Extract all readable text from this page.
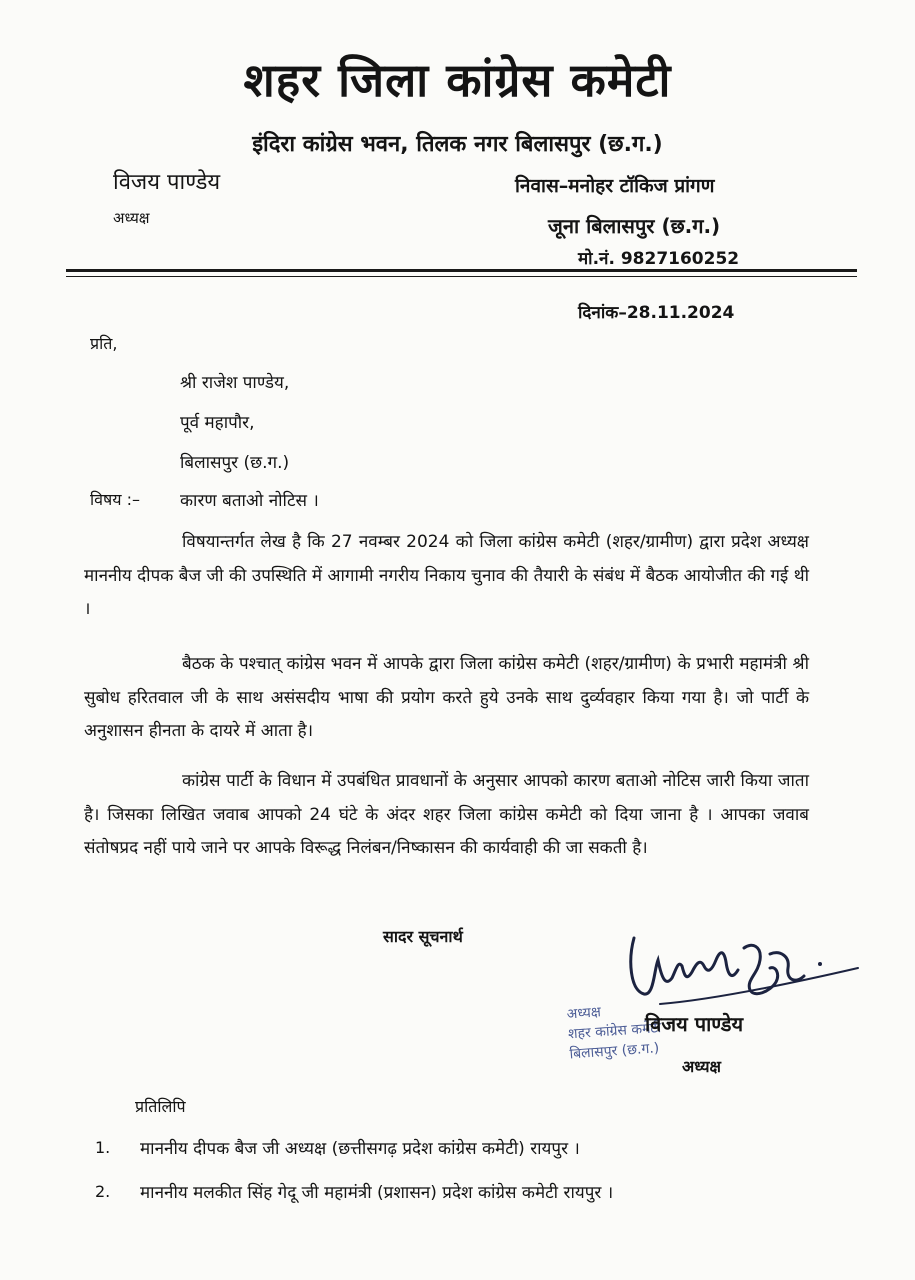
शहर जिला कांग्रेस कमेटी
इंदिरा कांग्रेस भवन, तिलक नगर बिलासपुर (छ.ग.)
विजय पाण्डेय
अध्यक्ष
निवास–मनोहर टॉकिज प्रांगण
जूना बिलासपुर (छ.ग.)
मो.नं. 9827160252
दिनांक–28.11.2024
प्रति,
श्री राजेश पाण्डेय,
पूर्व महापौर,
बिलासपुर (छ.ग.)
विषय :– कारण बताओ नोटिस ।
विषयान्तर्गत लेख है कि 27 नवम्बर 2024 को जिला कांग्रेस कमेटी (शहर/ग्रामीण) द्वारा प्रदेश अध्यक्ष माननीय दीपक बैज जी की उपस्थिति में आगामी नगरीय निकाय चुनाव की तैयारी के संबंध में बैठक आयोजीत की गई थी ।
बैठक के पश्चात् कांग्रेस भवन में आपके द्वारा जिला कांग्रेस कमेटी (शहर/ग्रामीण) के प्रभारी महामंत्री श्री सुबोध हरितवाल जी के साथ असंसदीय भाषा की प्रयोग करते हुये उनके साथ दुर्व्यवहार किया गया है। जो पार्टी के अनुशासन हीनता के दायरे में आता है।
कांग्रेस पार्टी के विधान में उपबंधित प्रावधानों के अनुसार आपको कारण बताओ नोटिस जारी किया जाता है। जिसका लिखित जवाब आपको 24 घंटे के अंदर शहर जिला कांग्रेस कमेटी को दिया जाना है । आपका जवाब संतोषप्रद नहीं पाये जाने पर आपके विरूद्ध निलंबन/निष्कासन की कार्यवाही की जा सकती है।
सादर सूचनार्थ
अध्यक्ष
शहर कांग्रेस कमेटी
बिलासपुर (छ.ग.)
विजय पाण्डेय
अध्यक्ष
प्रतिलिपि
1. माननीय दीपक बैज जी अध्यक्ष (छत्तीसगढ़ प्रदेश कांग्रेस कमेटी) रायपुर ।
2. माननीय मलकीत सिंह गेदू जी महामंत्री (प्रशासन) प्रदेश कांग्रेस कमेटी रायपुर ।
